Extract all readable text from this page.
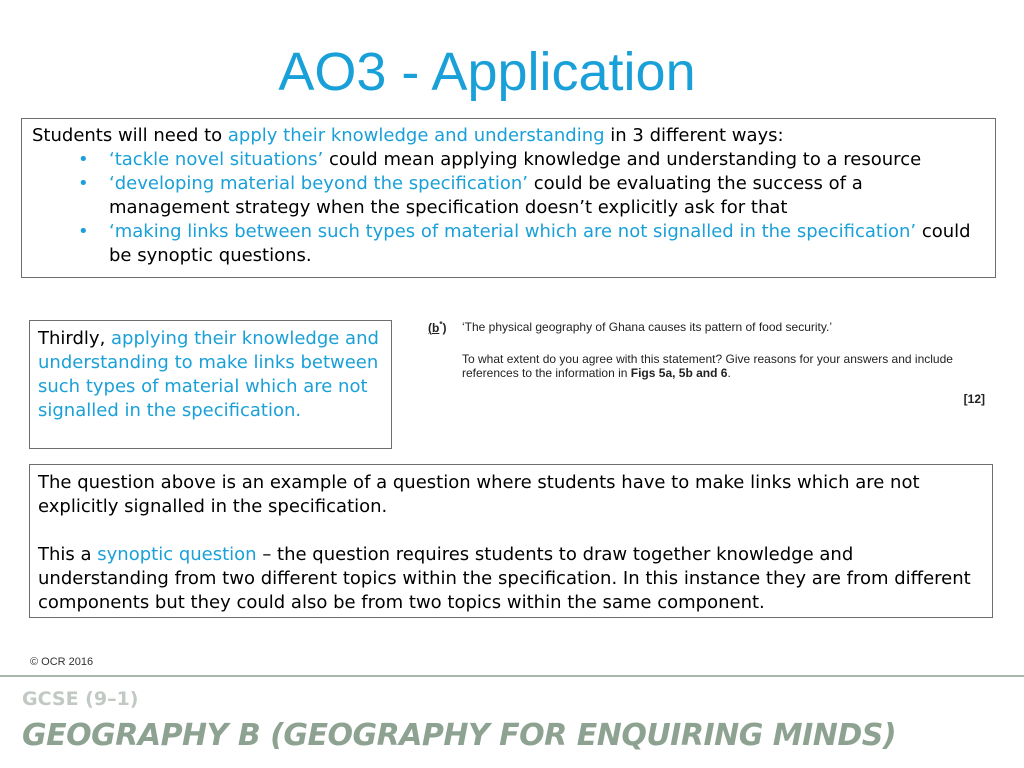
AO3 - Application
Students will need to apply their knowledge and understanding in 3 different ways:
• ‘tackle novel situations’ could mean applying knowledge and understanding to a resource
• ‘developing material beyond the specification’ could be evaluating the success of a management strategy when the specification doesn’t explicitly ask for that
• ‘making links between such types of material which are not signalled in the specification’ could be synoptic questions.
Thirdly, applying their knowledge and understanding to make links between such types of material which are not signalled in the specification.
(b*) ‘The physical geography of Ghana causes its pattern of food security.’
To what extent do you agree with this statement? Give reasons for your answers and include references to the information in Figs 5a, 5b and 6.
[12]

The question above is an example of a question where students have to make links which are not explicitly signalled in the specification.

This a synoptic question – the question requires students to draw together knowledge and understanding from two different topics within the specification. In this instance they are from different components but they could also be from two topics within the same component.

© OCR 2016
GCSE (9–1)
GEOGRAPHY B (GEOGRAPHY FOR ENQUIRING MINDS)
